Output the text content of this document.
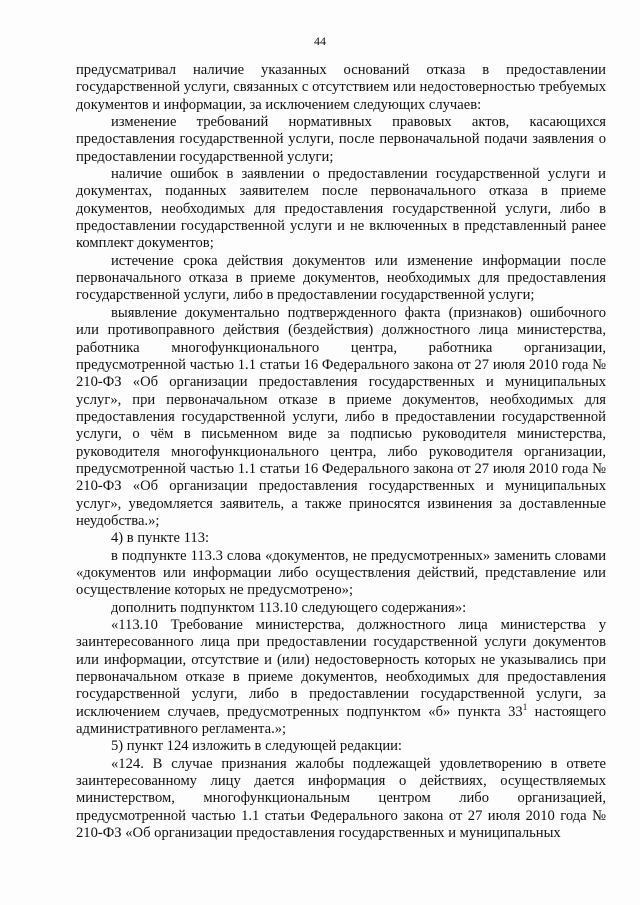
44

предусматривал наличие указанных оснований отказа в предоставлении государственной услуги, связанных с отсутствием или недостоверностью требуемых документов и информации, за исключением следующих случаев:

изменение требований нормативных правовых актов, касающихся предоставления государственной услуги, после первоначальной подачи заявления о предоставлении государственной услуги;

наличие ошибок в заявлении о предоставлении государственной услуги и документах, поданных заявителем после первоначального отказа в приеме документов, необходимых для предоставления государственной услуги, либо в предоставлении государственной услуги и не включенных в представленный ранее комплект документов;

истечение срока действия документов или изменение информации после первоначального отказа в приеме документов, необходимых для предоставления государственной услуги, либо в предоставлении государственной услуги;

выявление документально подтвержденного факта (признаков) ошибочного или противоправного действия (бездействия) должностного лица министерства, работника многофункционального центра, работника организации, предусмотренной частью 1.1 статьи 16 Федерального закона от 27 июля 2010 года № 210-ФЗ «Об организации предоставления государственных и муниципальных услуг», при первоначальном отказе в приеме документов, необходимых для предоставления государственной услуги, либо в предоставлении государственной услуги, о чём в письменном виде за подписью руководителя министерства, руководителя многофункционального центра, либо руководителя организации, предусмотренной частью 1.1 статьи 16 Федерального закона от 27 июля 2010 года № 210-ФЗ «Об организации предоставления государственных и муниципальных услуг», уведомляется заявитель, а также приносятся извинения за доставленные неудобства.»;

4) в пункте 113:

в подпункте 113.3 слова «документов, не предусмотренных» заменить словами «документов или информации либо осуществления действий, представление или осуществление которых не предусмотрено»;

дополнить подпунктом 113.10 следующего содержания»:

«113.10 Требование министерства, должностного лица министерства у заинтересованного лица при предоставлении государственной услуги документов или информации, отсутствие и (или) недостоверность которых не указывались при первоначальном отказе в приеме документов, необходимых для предоставления государственной услуги, либо в предоставлении государственной услуги, за исключением случаев, предусмотренных подпунктом «б» пункта $33^1$ настоящего административного регламента.»;

5) пункт 124 изложить в следующей редакции:

«124. В случае признания жалобы подлежащей удовлетворению в ответе заинтересованному лицу дается информация о действиях, осуществляемых министерством, многофункциональным центром либо организацией, предусмотренной частью 1.1 статьи Федерального закона от 27 июля 2010 года № 210-ФЗ «Об организации предоставления государственных и муниципальных
